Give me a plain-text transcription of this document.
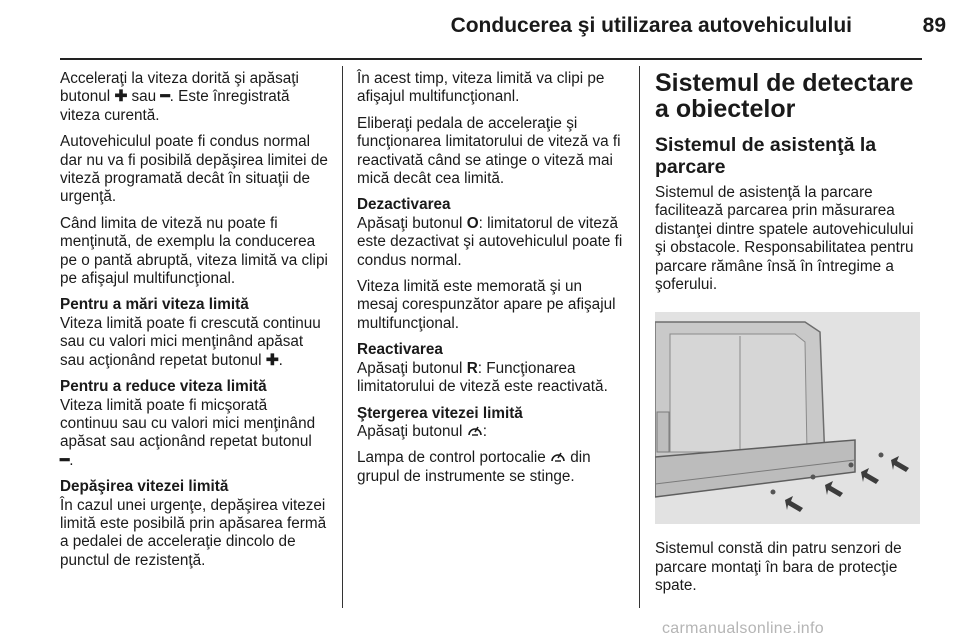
Conducerea şi utilizarea autovehiculului	89

Acceleraţi la viteza dorită şi apăsaţi butonul ✚ sau ━. Este înregistrată viteza curentă.

Autovehiculul poate fi condus normal dar nu va fi posibilă depăşirea limitei de viteză programată decât în situaţii de urgenţă.

Când limita de viteză nu poate fi menţinută, de exemplu la conducerea pe o pantă abruptă, viteza limită va clipi pe afişajul multifuncţional.

Pentru a mări viteza limită

Viteza limită poate fi crescută continuu sau cu valori mici menţinând apăsat sau acţionând repetat butonul ✚.

Pentru a reduce viteza limită

Viteza limită poate fi micşorată continuu sau cu valori mici menţinând apăsat sau acţionând repetat butonul ━.

Depăşirea vitezei limită

În cazul unei urgenţe, depăşirea vitezei limită este posibilă prin apăsarea fermă a pedalei de acceleraţie dincolo de punctul de rezistenţă.

În acest timp, viteza limită va clipi pe afişajul multifuncţionanl.

Eliberaţi pedala de acceleraţie şi funcţionarea limitatorului de viteză va fi reactivată când se atinge o viteză mai mică decât cea limită.

Dezactivarea

Apăsaţi butonul O: limitatorul de viteză este dezactivat şi autovehiculul poate fi condus normal.

Viteza limită este memorată şi un mesaj corespunzător apare pe afişajul multifuncţional.

Reactivarea

Apăsaţi butonul R: Funcţionarea limitatorului de viteză este reactivată.

Ştergerea vitezei limită

Apăsaţi butonul :

Lampa de control portocalie  din grupul de instrumente se stinge.

Sistemul de detectare a obiectelor
Sistemul de asistenţă la parcare

Sistemul de asistenţă la parcare facilitează parcarea prin măsurarea distanţei dintre spatele autovehiculului şi obstacole. Responsabilitatea pentru parcare rămâne însă în întregime a şoferului.

Sistemul constă din patru senzori de parcare montaţi în bara de protecţie spate.

carmanualsonline.info
